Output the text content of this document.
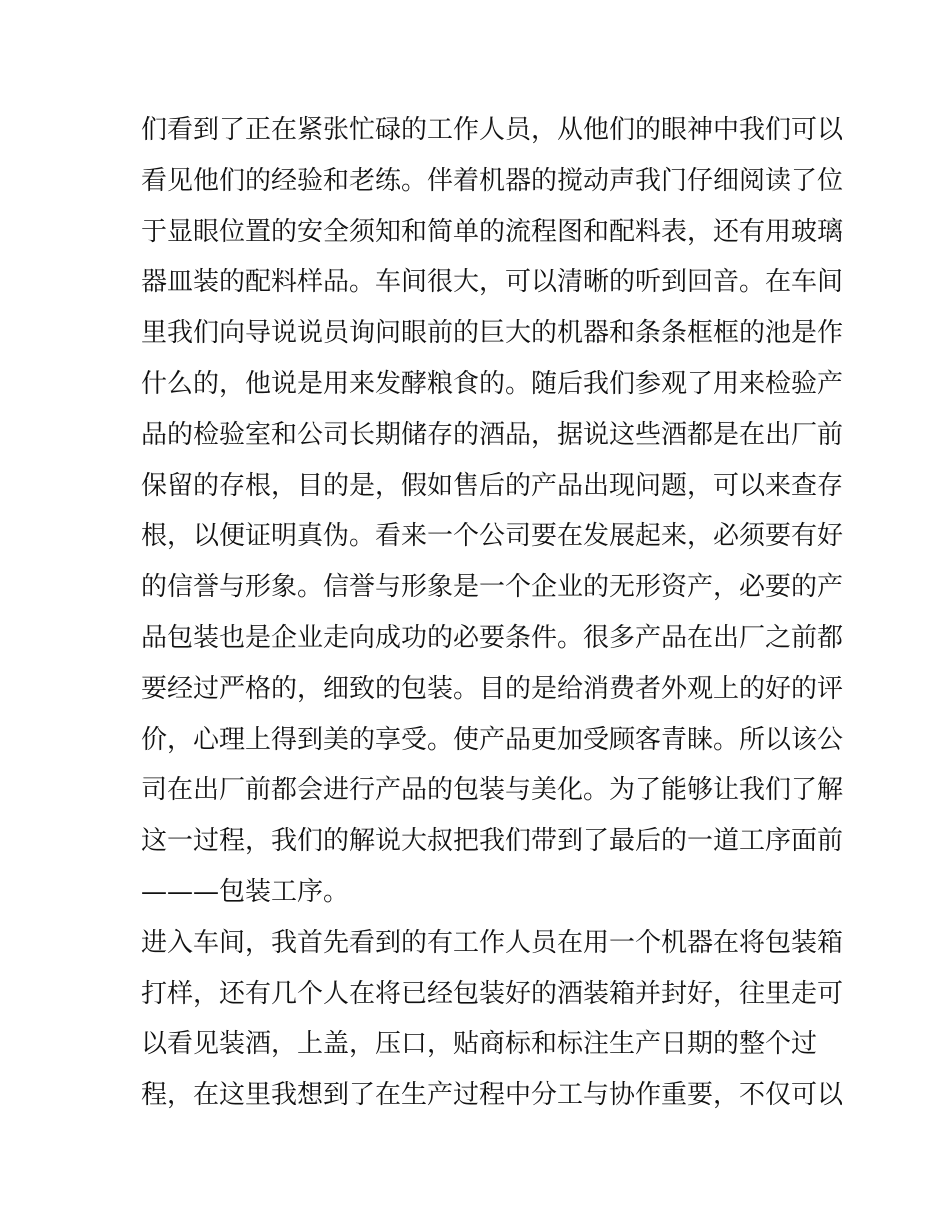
们看到了正在紧张忙碌的工作人员，从他们的眼神中我们可以
看见他们的经验和老练。伴着机器的搅动声我门仔细阅读了位
于显眼位置的安全须知和简单的流程图和配料表，还有用玻璃
器皿装的配料样品。车间很大，可以清晰的听到回音。在车间
里我们向导说说员询问眼前的巨大的机器和条条框框的池是作
什么的，他说是用来发酵粮食的。随后我们参观了用来检验产
品的检验室和公司长期储存的酒品，据说这些酒都是在出厂前
保留的存根，目的是，假如售后的产品出现问题，可以来查存
根，以便证明真伪。看来一个公司要在发展起来，必须要有好
的信誉与形象。信誉与形象是一个企业的无形资产，必要的产
品包装也是企业走向成功的必要条件。很多产品在出厂之前都
要经过严格的，细致的包装。目的是给消费者外观上的好的评
价，心理上得到美的享受。使产品更加受顾客青睐。所以该公
司在出厂前都会进行产品的包装与美化。为了能够让我们了解
这一过程，我们的解说大叔把我们带到了最后的一道工序面前
———包装工序。
进入车间，我首先看到的有工作人员在用一个机器在将包装箱
打样，还有几个人在将已经包装好的酒装箱并封好，往里走可
以看见装酒，上盖，压口，贴商标和标注生产日期的整个过
程，在这里我想到了在生产过程中分工与协作重要，不仅可以
